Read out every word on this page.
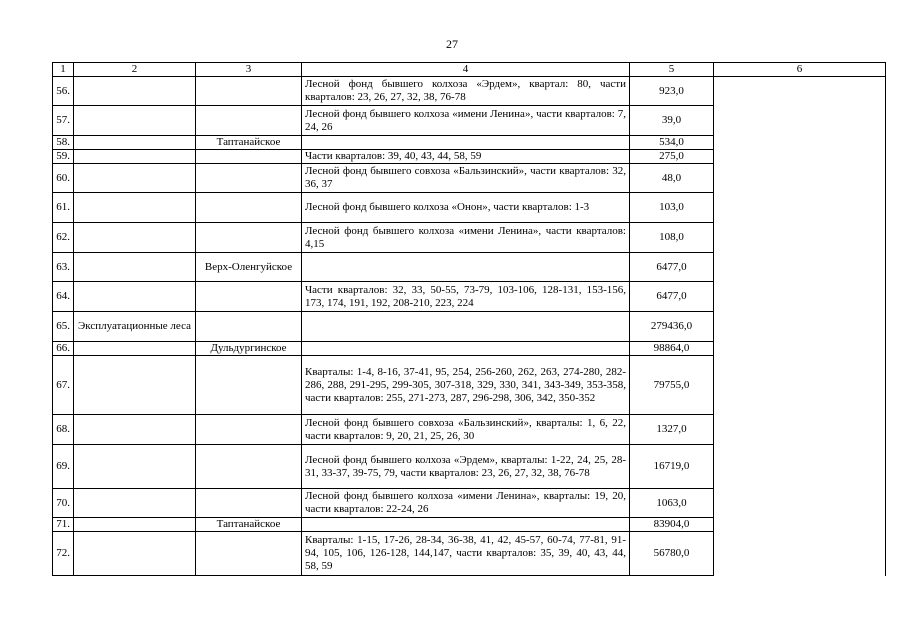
27
1	2	3	4	5	6
56.			Лесной фонд бывшего колхоза «Эрдем», квартал: 80, части кварталов: 23, 26, 27, 32, 38, 76-78	923,0	
57.			Лесной фонд бывшего колхоза «имени Ленина», части кварталов: 7, 24, 26	39,0	
58.		Таптанайское		534,0	
59.			Части кварталов: 39, 40, 43, 44, 58, 59	275,0	
60.			Лесной фонд бывшего совхоза «Бальзинский», части кварталов: 32, 36, 37	48,0	
61.			Лесной фонд бывшего колхоза «Онон», части кварталов: 1-3	103,0	
62.			Лесной фонд бывшего колхоза «имени Ленина», части кварталов: 4,15	108,0	
63.		Верх-Оленгуйское		6477,0	
64.			Части кварталов: 32, 33, 50-55, 73-79, 103-106, 128-131, 153-156, 173, 174, 191, 192, 208-210, 223, 224	6477,0	
65.	Эксплуатационные леса			279436,0	
66.		Дульдургинское		98864,0	
67.			Кварталы: 1-4, 8-16, 37-41, 95, 254, 256-260, 262, 263, 274-280, 282-286, 288, 291-295, 299-305, 307-318, 329, 330, 341, 343-349, 353-358, части кварталов: 255, 271-273, 287, 296-298, 306, 342, 350-352	79755,0	
68.			Лесной фонд бывшего совхоза «Бальзинский», кварталы: 1, 6, 22, части кварталов: 9, 20, 21, 25, 26, 30	1327,0	
69.			Лесной фонд бывшего колхоза «Эрдем», кварталы: 1-22, 24, 25, 28-31, 33-37, 39-75, 79, части кварталов: 23, 26, 27, 32, 38, 76-78	16719,0	
70.			Лесной фонд бывшего колхоза «имени Ленина», кварталы: 19, 20, части кварталов: 22-24, 26	1063,0	
71.		Таптанайское		83904,0	
72.			Кварталы: 1-15, 17-26, 28-34, 36-38, 41, 42, 45-57, 60-74, 77-81, 91-94, 105, 106, 126-128, 144,147, части кварталов: 35, 39, 40, 43, 44, 58, 59	56780,0	
